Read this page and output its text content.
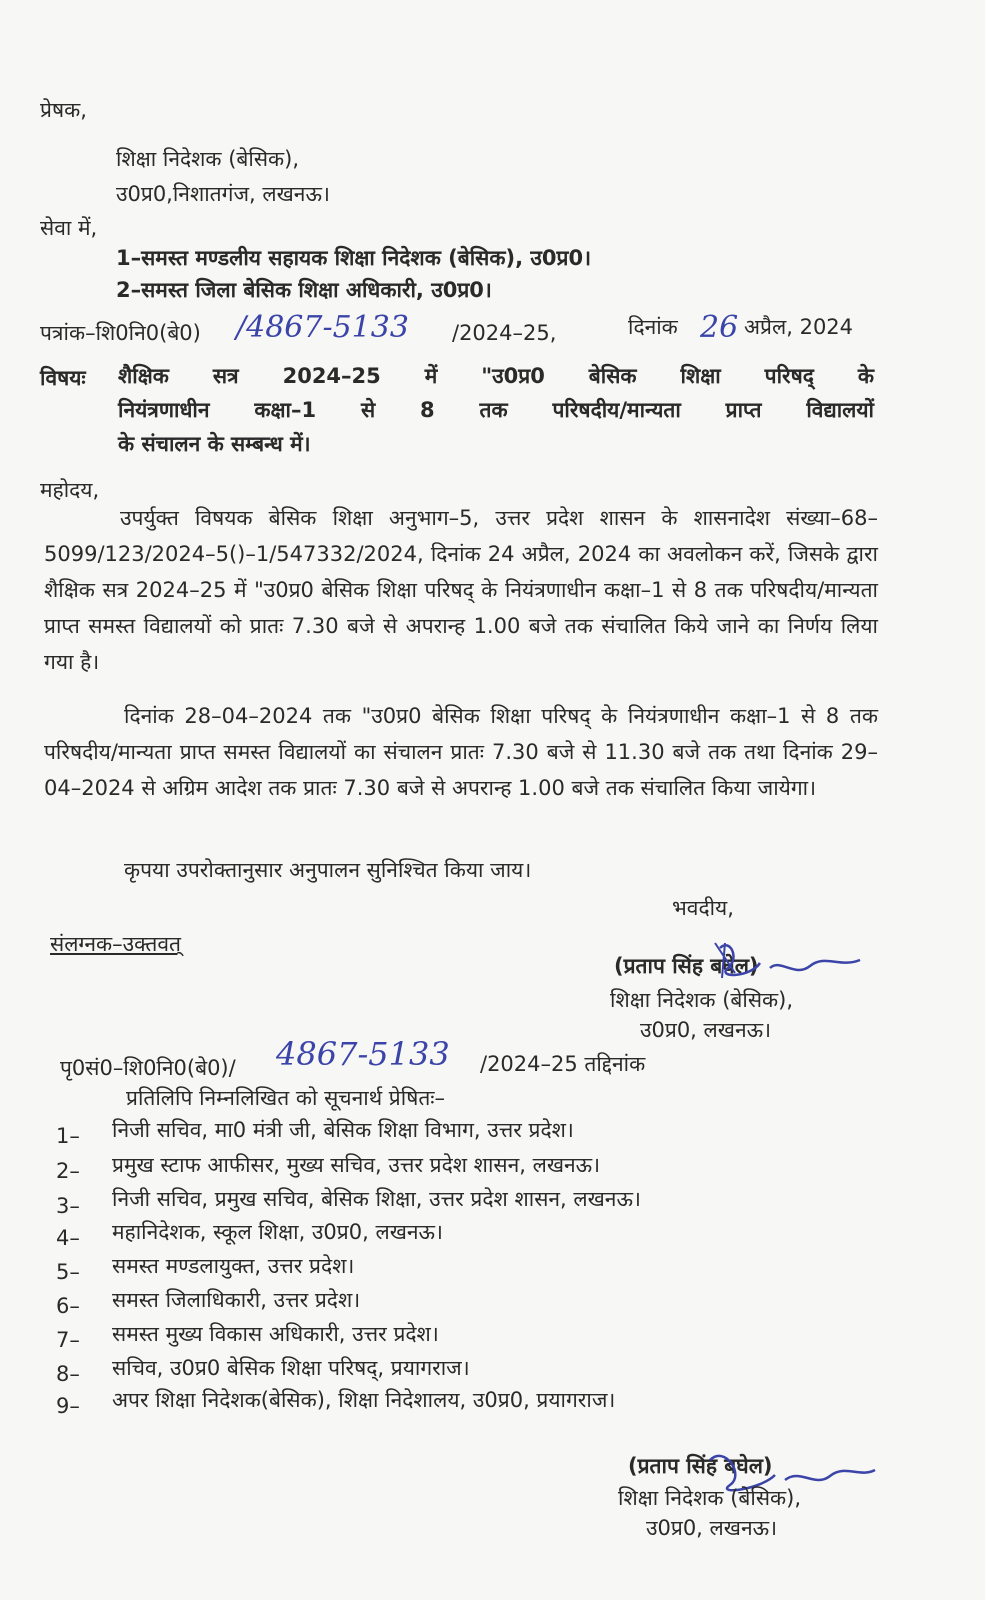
प्रेषक,
शिक्षा निदेशक (बेसिक),
उ0प्र0,निशातगंज, लखनऊ।
सेवा में,
1–समस्त मण्डलीय सहायक शिक्षा निदेशक (बेसिक), उ0प्र0।
2–समस्त जिला बेसिक शिक्षा अधिकारी, उ0प्र0।
पत्रांक–शि0नि0(बे0) /4867-5133 /2024–25,	दिनांक 26 अप्रैल, 2024
विषयः शैक्षिक सत्र 2024–25 में "उ0प्र0 बेसिक शिक्षा परिषद् के
नियंत्रणाधीन कक्षा–1 से 8 तक परिषदीय/मान्यता प्राप्त विद्यालयों
के संचालन के सम्बन्ध में।
महोदय,
उपर्युक्त विषयक बेसिक शिक्षा अनुभाग–5, उत्तर प्रदेश शासन के शासनादेश संख्या–68–5099/123/2024–5()–1/547332/2024, दिनांक 24 अप्रैल, 2024 का अवलोकन करें, जिसके द्वारा शैक्षिक सत्र 2024–25 में "उ0प्र0 बेसिक शिक्षा परिषद् के नियंत्रणाधीन कक्षा–1 से 8 तक परिषदीय/मान्यता प्राप्त समस्त विद्यालयों को प्रातः 7.30 बजे से अपरान्ह 1.00 बजे तक संचालित किये जाने का निर्णय लिया गया है।
दिनांक 28–04–2024 तक "उ0प्र0 बेसिक शिक्षा परिषद् के नियंत्रणाधीन कक्षा–1 से 8 तक परिषदीय/मान्यता प्राप्त समस्त विद्यालयों का संचालन प्रातः 7.30 बजे से 11.30 बजे तक तथा दिनांक 29–04–2024 से अग्रिम आदेश तक प्रातः 7.30 बजे से अपरान्ह 1.00 बजे तक संचालित किया जायेगा।
कृपया उपरोक्तानुसार अनुपालन सुनिश्चित किया जाय।
भवदीय,
संलग्नक–उक्तवत्
(प्रताप सिंह बघेल)
शिक्षा निदेशक (बेसिक),
उ0प्र0, लखनऊ।
पृ0सं0–शि0नि0(बे0)/ 4867-5133 /2024–25 तद्दिनांक
प्रतिलिपि निम्नलिखित को सूचनार्थ प्रेषितः–
1– निजी सचिव, मा0 मंत्री जी, बेसिक शिक्षा विभाग, उत्तर प्रदेश।
2– प्रमुख स्टाफ आफीसर, मुख्य सचिव, उत्तर प्रदेश शासन, लखनऊ।
3– निजी सचिव, प्रमुख सचिव, बेसिक शिक्षा, उत्तर प्रदेश शासन, लखनऊ।
4– महानिदेशक, स्कूल शिक्षा, उ0प्र0, लखनऊ।
5– समस्त मण्डलायुक्त, उत्तर प्रदेश।
6– समस्त जिलाधिकारी, उत्तर प्रदेश।
7– समस्त मुख्य विकास अधिकारी, उत्तर प्रदेश।
8– सचिव, उ0प्र0 बेसिक शिक्षा परिषद्, प्रयागराज।
9– अपर शिक्षा निदेशक(बेसिक), शिक्षा निदेशालय, उ0प्र0, प्रयागराज।
(प्रताप सिंह बघेल)
शिक्षा निदेशक (बेसिक),
उ0प्र0, लखनऊ।
